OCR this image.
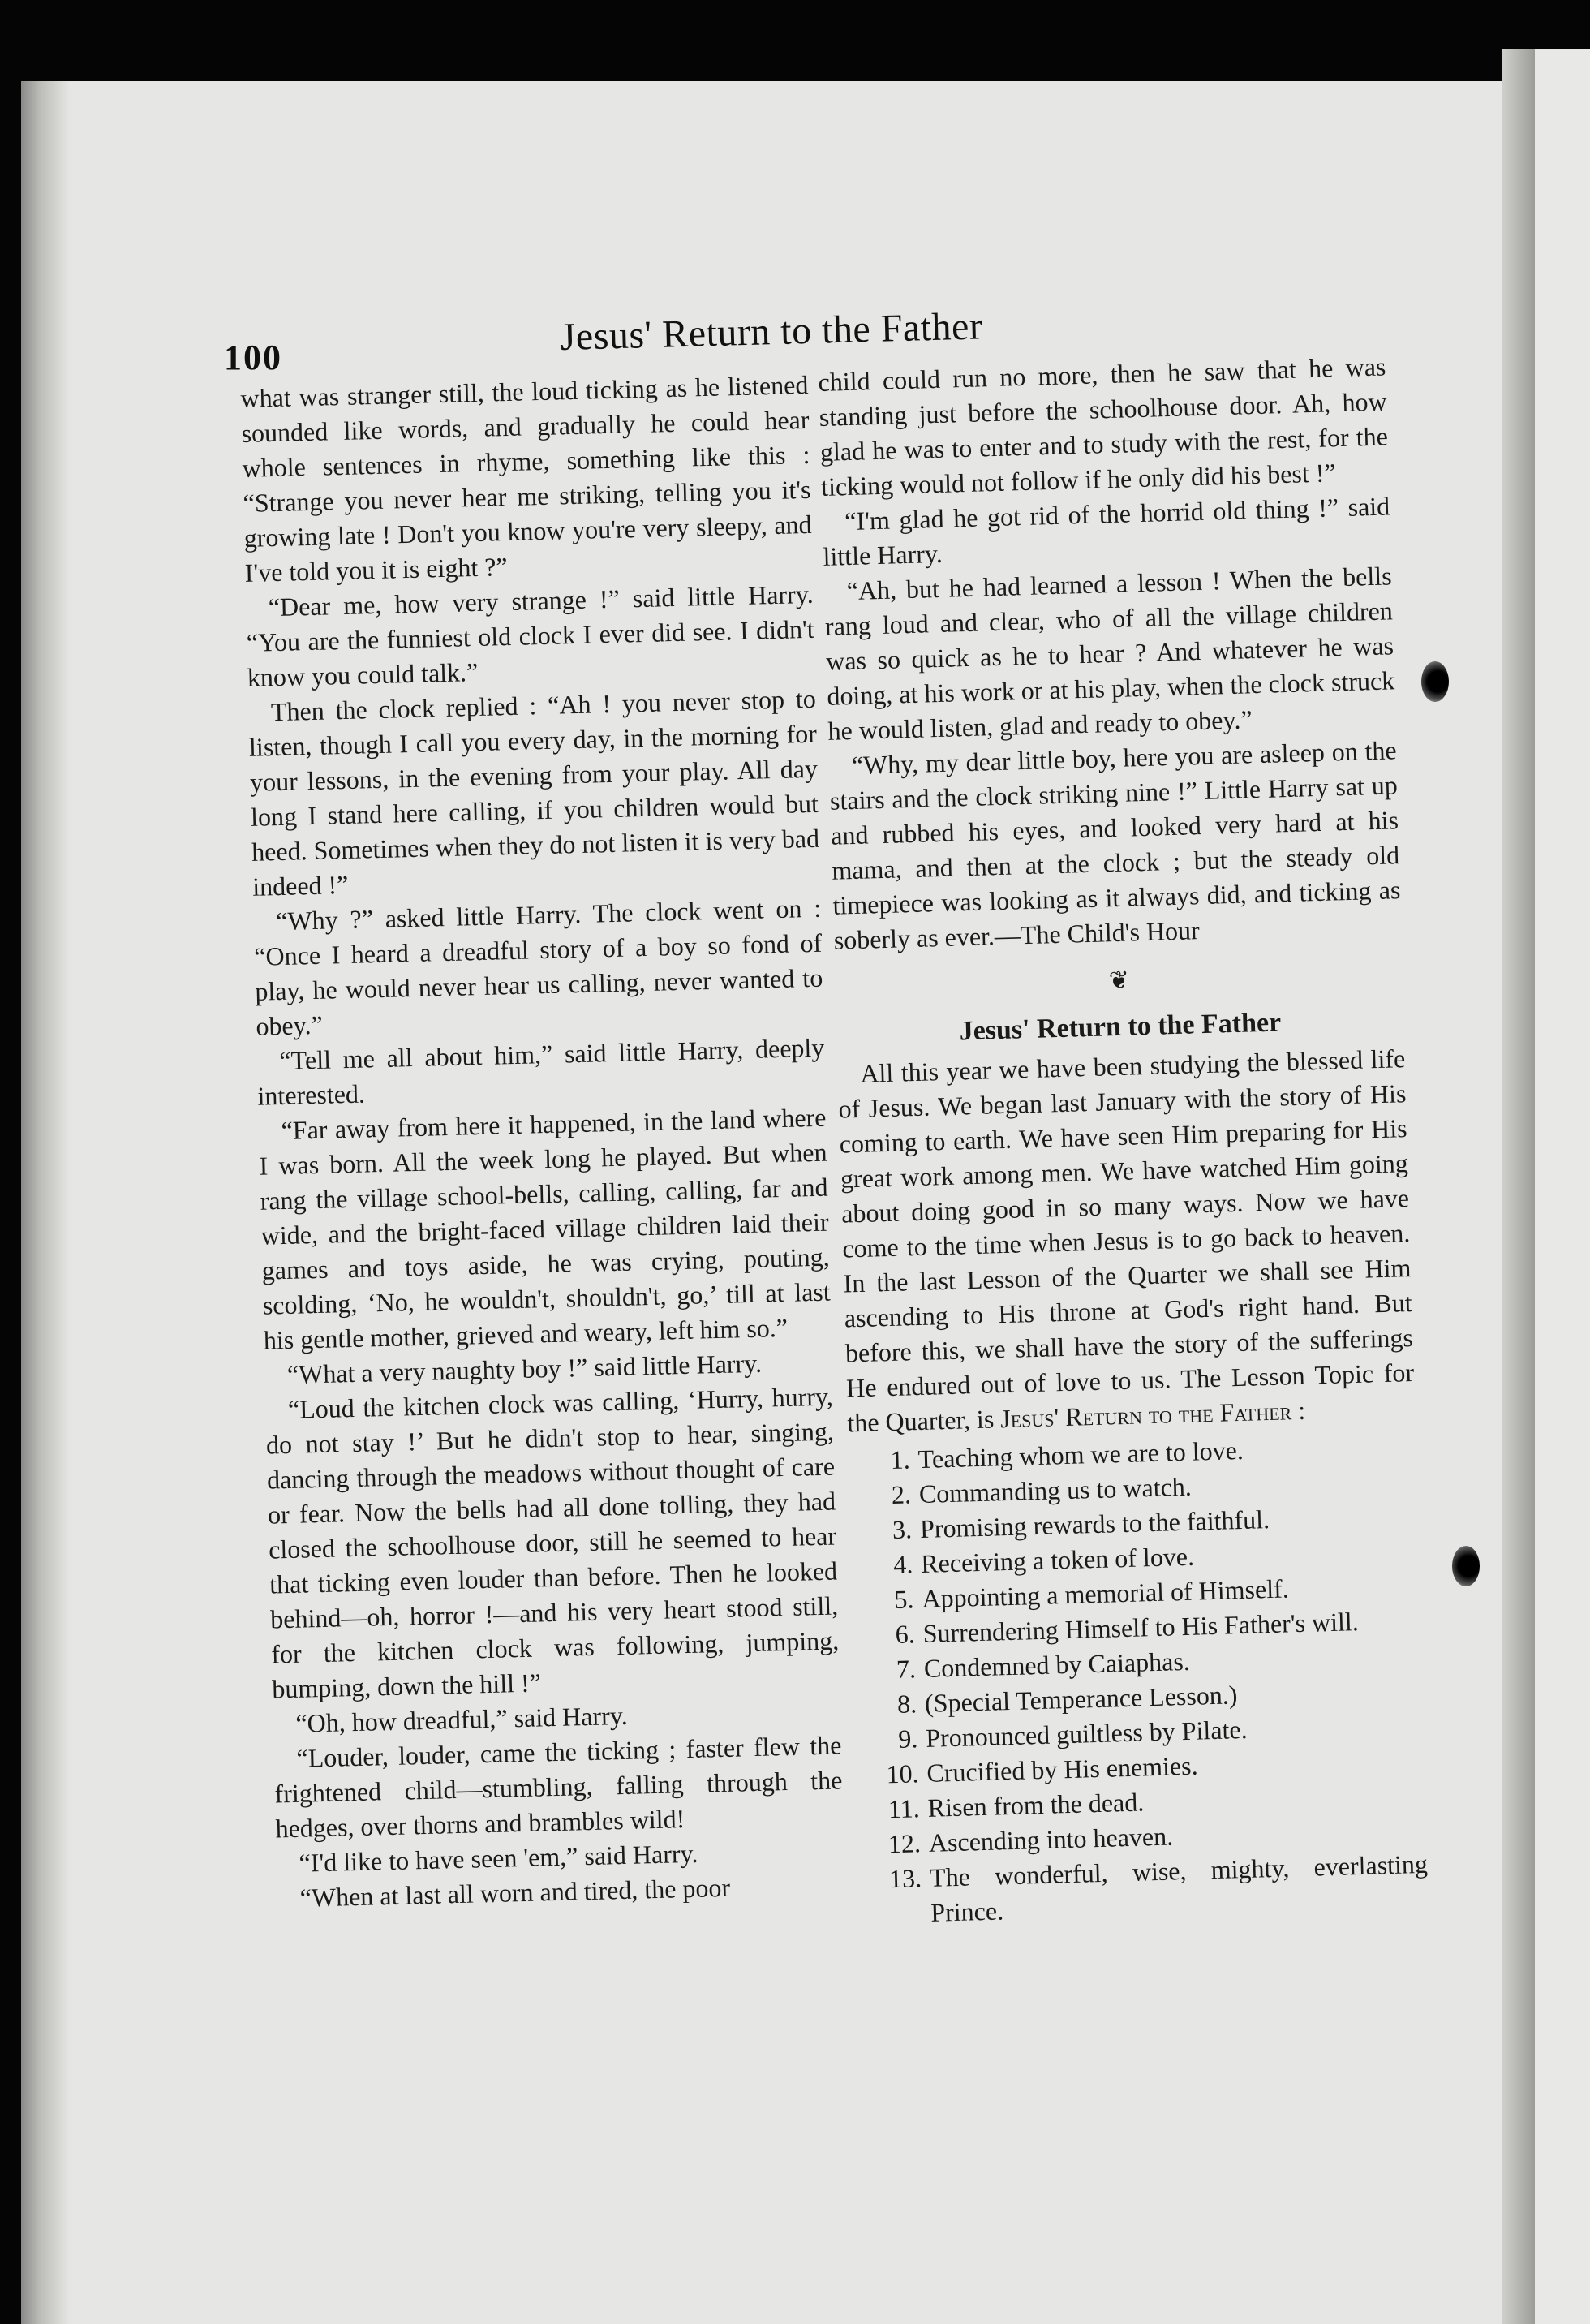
100	Jesus' Return to the Father

what was stranger still, the loud ticking as he listened sounded like words, and gradually he could hear whole sentences in rhyme, something like this : “Strange you never hear me striking, telling you it's growing late ! Don't you know you're very sleepy, and I've told you it is eight ?”

“Dear me, how very strange !” said little Harry. “You are the funniest old clock I ever did see. I didn't know you could talk.”

Then the clock replied : “Ah ! you never stop to listen, though I call you every day, in the morning for your lessons, in the evening from your play. All day long I stand here calling, if you children would but heed. Sometimes when they do not listen it is very bad indeed !”

“Why ?” asked little Harry. The clock went on : “Once I heard a dreadful story of a boy so fond of play, he would never hear us calling, never wanted to obey.”

“Tell me all about him,” said little Harry, deeply interested.

“Far away from here it happened, in the land where I was born. All the week long he played. But when rang the village school-bells, calling, calling, far and wide, and the bright-faced village children laid their games and toys aside, he was crying, pouting, scolding, ‘No, he wouldn't, shouldn't, go,’ till at last his gentle mother, grieved and weary, left him so.”

“What a very naughty boy !” said little Harry.

“Loud the kitchen clock was calling, ‘Hurry, hurry, do not stay !’ But he didn't stop to hear, singing, dancing through the meadows without thought of care or fear. Now the bells had all done tolling, they had closed the schoolhouse door, still he seemed to hear that ticking even louder than before. Then he looked behind—oh, horror !—and his very heart stood still, for the kitchen clock was following, jumping, bumping, down the hill !”

“Oh, how dreadful,” said Harry.

“Louder, louder, came the ticking ; faster flew the frightened child—stumbling, falling through the hedges, over thorns and brambles wild!

“I'd like to have seen 'em,” said Harry.

“When at last all worn and tired, the poor

child could run no more, then he saw that he was standing just before the schoolhouse door. Ah, how glad he was to enter and to study with the rest, for the ticking would not follow if he only did his best !”

“I'm glad he got rid of the horrid old thing !” said little Harry.

“Ah, but he had learned a lesson ! When the bells rang loud and clear, who of all the village children was so quick as he to hear ? And whatever he was doing, at his work or at his play, when the clock struck he would listen, glad and ready to obey.”

“Why, my dear little boy, here you are asleep on the stairs and the clock striking nine !” Little Harry sat up and rubbed his eyes, and looked very hard at his mama, and then at the clock ; but the steady old timepiece was looking as it always did, and ticking as soberly as ever.—The Child's Hour

❦
Jesus' Return to the Father

All this year we have been studying the blessed life of Jesus. We began last January with the story of His coming to earth. We have seen Him preparing for His great work among men. We have watched Him going about doing good in so many ways. Now we have come to the time when Jesus is to go back to heaven. In the last Lesson of the Quarter we shall see Him ascending to His throne at God's right hand. But before this, we shall have the story of the sufferings He endured out of love to us. The Lesson Topic for the Quarter, is Jesus' Return to the Father :

1. Teaching whom we are to love.
2. Commanding us to watch.
3. Promising rewards to the faithful.
4. Receiving a token of love.
5. Appointing a memorial of Himself.
6. Surrendering Himself to His Father's will.
7. Condemned by Caiaphas.
8. (Special Temperance Lesson.)
9. Pronounced guiltless by Pilate.
10. Crucified by His enemies.
11. Risen from the dead.
12. Ascending into heaven.
13. The wonderful, wise, mighty, everlasting Prince.
